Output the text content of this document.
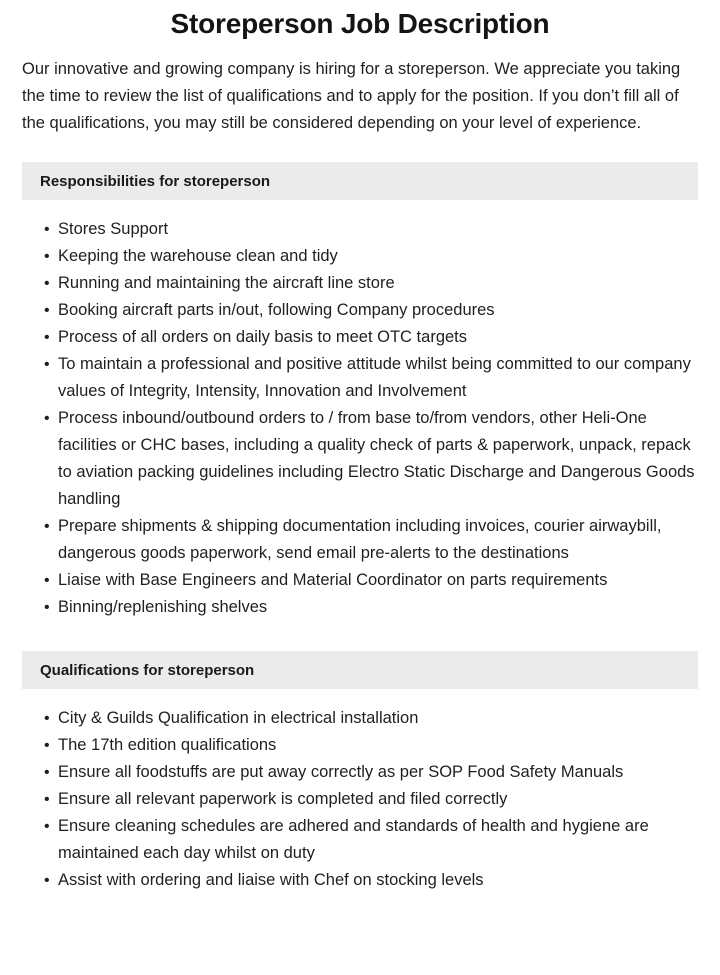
Storeperson Job Description

Our innovative and growing company is hiring for a storeperson. We appreciate you taking the time to review the list of qualifications and to apply for the position. If you don’t fill all of the qualifications, you may still be considered depending on your level of experience.

Responsibilities for storeperson
• Stores Support
• Keeping the warehouse clean and tidy
• Running and maintaining the aircraft line store
• Booking aircraft parts in/out, following Company procedures
• Process of all orders on daily basis to meet OTC targets
• To maintain a professional and positive attitude whilst being committed to our company values of Integrity, Intensity, Innovation and Involvement
• Process inbound/outbound orders to / from base to/from vendors, other Heli-One facilities or CHC bases, including a quality check of parts & paperwork, unpack, repack to aviation packing guidelines including Electro Static Discharge and Dangerous Goods handling
• Prepare shipments & shipping documentation including invoices, courier airwaybill, dangerous goods paperwork, send email pre-alerts to the destinations
• Liaise with Base Engineers and Material Coordinator on parts requirements
• Binning/replenishing shelves
Qualifications for storeperson
• City & Guilds Qualification in electrical installation
• The 17th edition qualifications
• Ensure all foodstuffs are put away correctly as per SOP Food Safety Manuals
• Ensure all relevant paperwork is completed and filed correctly
• Ensure cleaning schedules are adhered and standards of health and hygiene are maintained each day whilst on duty
• Assist with ordering and liaise with Chef on stocking levels
